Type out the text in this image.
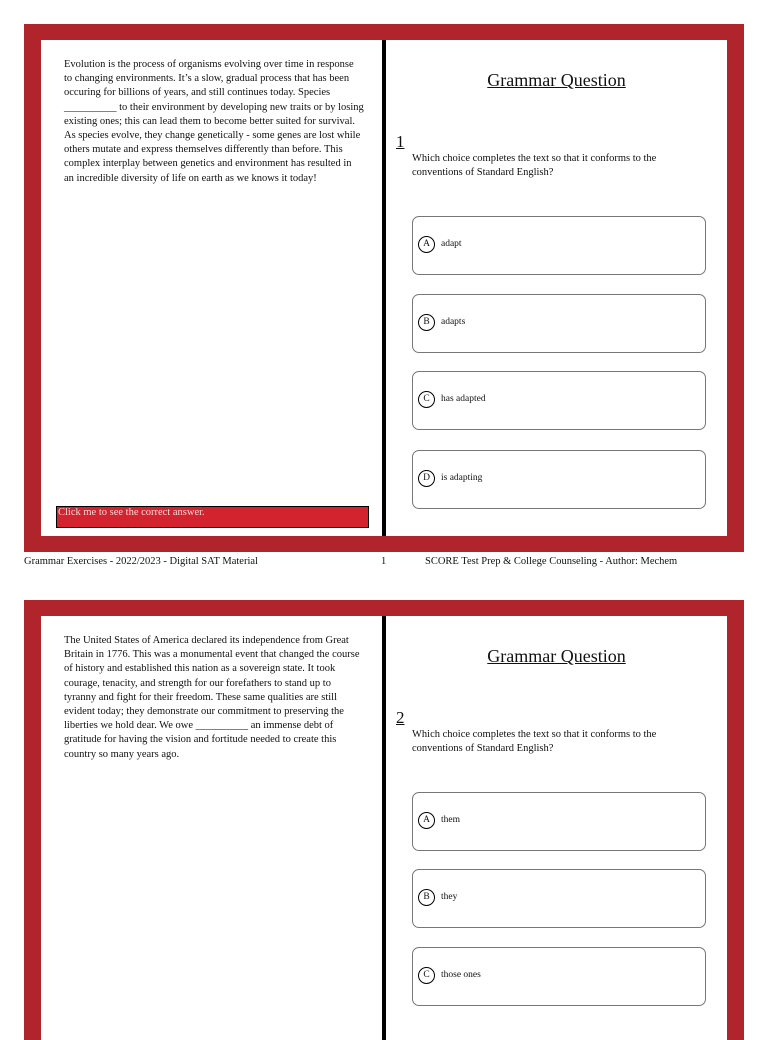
Evolution is the process of organisms evolving over time in response to changing environments. It’s a slow, gradual process that has been occuring for billions of years, and still continues today. Species __________ to their environment by developing new traits or by losing existing ones; this can lead them to become better suited for survival. As species evolve, they change genetically - some genes are lost while others mutate and express themselves differently than before. This complex interplay between genetics and environment has resulted in an incredible diversity of life on earth as we knows it today!

Click me to see the correct answer.
Grammar Question
1

Which choice completes the text so that it conforms to the conventions of Standard English?

A	adapt
B	adapts
C	has adapted
D	is adapting
Grammar Exercises - 2022/2023 - Digital SAT Material	1	SCORE Test Prep & College Counseling - Author: Mechem

The United States of America declared its independence from Great Britain in 1776. This was a monumental event that changed the course of history and established this nation as a sovereign state. It took courage, tenacity, and strength for our forefathers to stand up to tyranny and fight for their freedom. These same qualities are still evident today; they demonstrate our commitment to preserving the liberties we hold dear. We owe __________ an immense debt of gratitude for having the vision and fortitude needed to create this country so many years ago.

Grammar Question
2

Which choice completes the text so that it conforms to the conventions of Standard English?

A	them
B	they
C	those ones
